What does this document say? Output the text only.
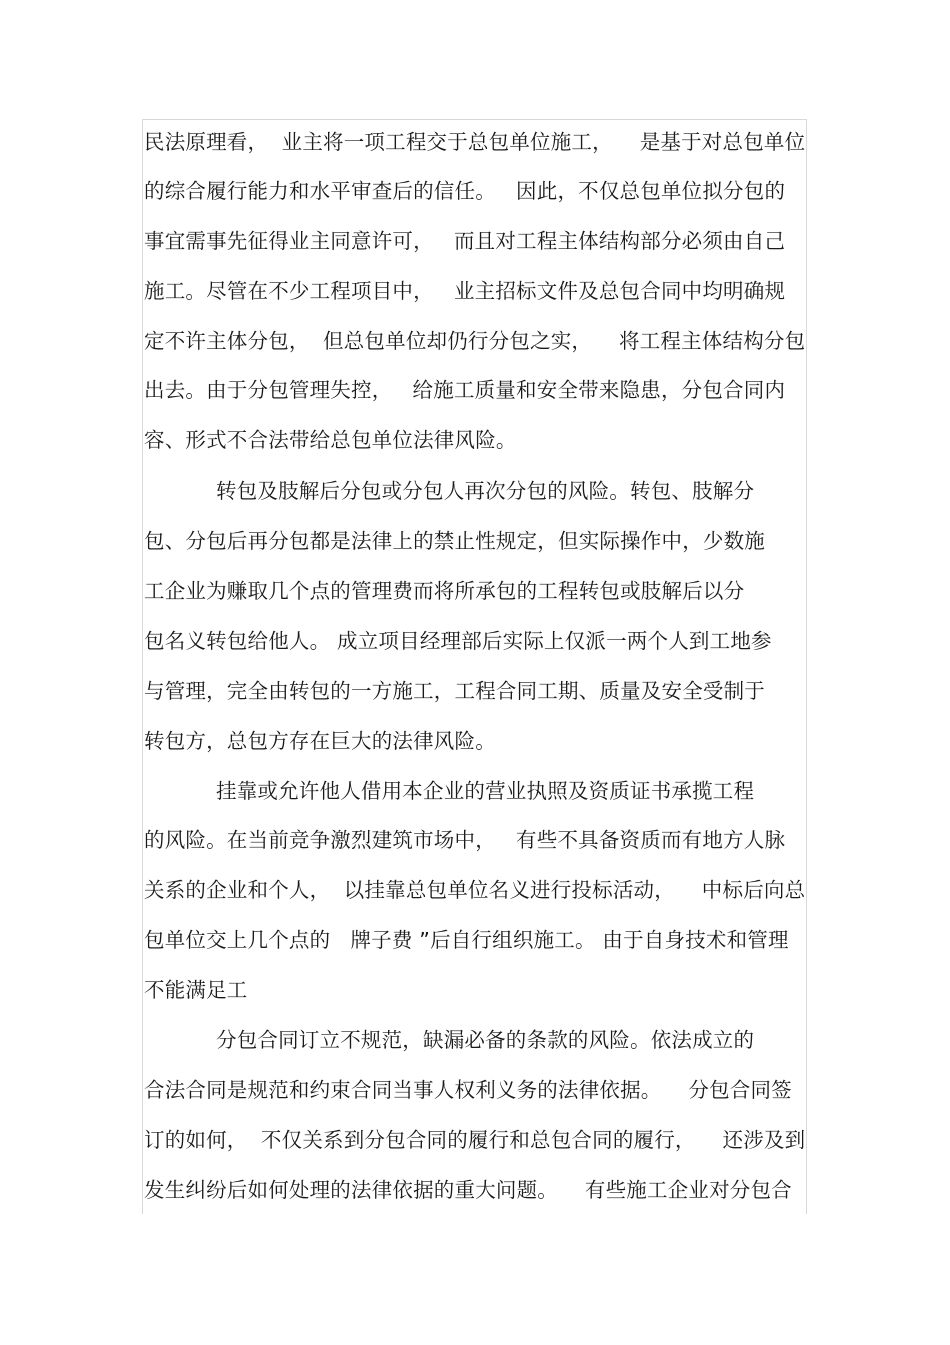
民法原理看，  业主将一项工程交于总包单位施工，    是基于对总包单位
的综合履行能力和水平审查后的信任。   因此，不仅总包单位拟分包的
事宜需事先征得业主同意许可，   而且对工程主体结构部分必须由自己
施工。尽管在不少工程项目中，   业主招标文件及总包合同中均明确规
定不许主体分包，  但总包单位却仍行分包之实，    将工程主体结构分包
出去。由于分包管理失控，   给施工质量和安全带来隐患，分包合同内
容、形式不合法带给总包单位法律风险。
转包及肢解后分包或分包人再次分包的风险。转包、肢解分
包、分包后再分包都是法律上的禁止性规定，但实际操作中，少数施
工企业为赚取几个点的管理费而将所承包的工程转包或肢解后以分
包名义转包给他人。 成立项目经理部后实际上仅派一两个人到工地参
与管理，完全由转包的一方施工，工程合同工期、质量及安全受制于
转包方，总包方存在巨大的法律风险。
挂靠或允许他人借用本企业的营业执照及资质证书承揽工程
的风险。在当前竞争激烈建筑市场中，   有些不具备资质而有地方人脉
关系的企业和个人，  以挂靠总包单位名义进行投标活动，    中标后向总
包单位交上几个点的   牌子费 ”后自行组织施工。 由于自身技术和管理
不能满足工
分包合同订立不规范，缺漏必备的条款的风险。依法成立的
合法合同是规范和约束合同当事人权利义务的法律依据。    分包合同签
订的如何，  不仅关系到分包合同的履行和总包合同的履行，    还涉及到
发生纠纷后如何处理的法律依据的重大问题。    有些施工企业对分包合
